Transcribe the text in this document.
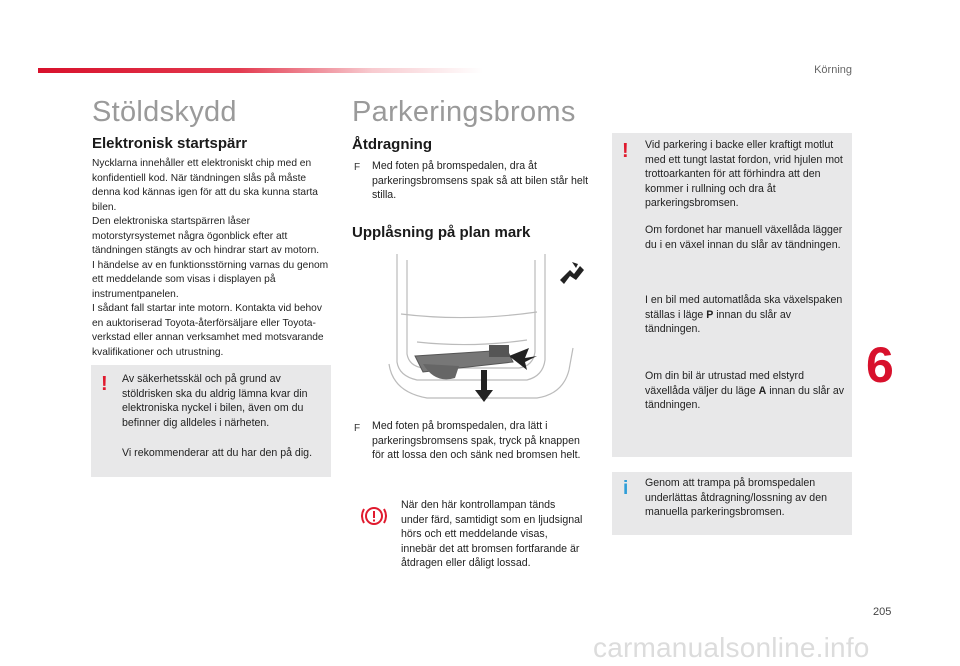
Körning
Stöldskydd
Elektronisk startspärr

Nycklarna innehåller ett elektroniskt chip med en konfidentiell kod. När tändningen slås på måste denna kod kännas igen för att du ska kunna starta bilen.
Den elektroniska startspärren låser motorstyrsystemet några ögonblick efter att tändningen stängts av och hindrar start av motorn.
I händelse av en funktionsstörning varnas du genom ett meddelande som visas i displayen på instrumentpanelen.
I sådant fall startar inte motorn. Kontakta vid behov en auktoriserad Toyota-återförsäljare eller Toyota-verkstad eller annan verksamhet med motsvarande kvalifikationer och utrustning.

! Av säkerhetsskäl och på grund av stöldrisken ska du aldrig lämna kvar din elektroniska nyckel i bilen, även om du befinner dig alldeles i närheten.

Vi rekommenderar att du har den på dig.

Parkeringsbroms
Åtdragning
F Med foten på bromspedalen, dra åt parkeringsbromsens spak så att bilen står helt stilla.

Upplåsning på plan mark
F Med foten på bromspedalen, dra lätt i parkeringsbromsens spak, tryck på knappen för att lossa den och sänk ned bromsen helt.

När den här kontrollampan tänds under färd, samtidigt som en ljudsignal hörs och ett meddelande visas, innebär det att bromsen fortfarande är åtdragen eller dåligt lossad.

! Vid parkering i backe eller kraftigt motlut med ett tungt lastat fordon, vrid hjulen mot trottoarkanten för att förhindra att den kommer i rullning och dra åt parkeringsbromsen.

Om fordonet har manuell växellåda lägger du i en växel innan du slår av tändningen.

I en bil med automatlåda ska växelspaken ställas i läge P innan du slår av tändningen.

Om din bil är utrustad med elstyrd växellåda väljer du läge A innan du slår av tändningen.

i Genom att trampa på bromspedalen underlättas åtdragning/lossning av den manuella parkeringsbromsen.

6
205
carmanualsonline.info
